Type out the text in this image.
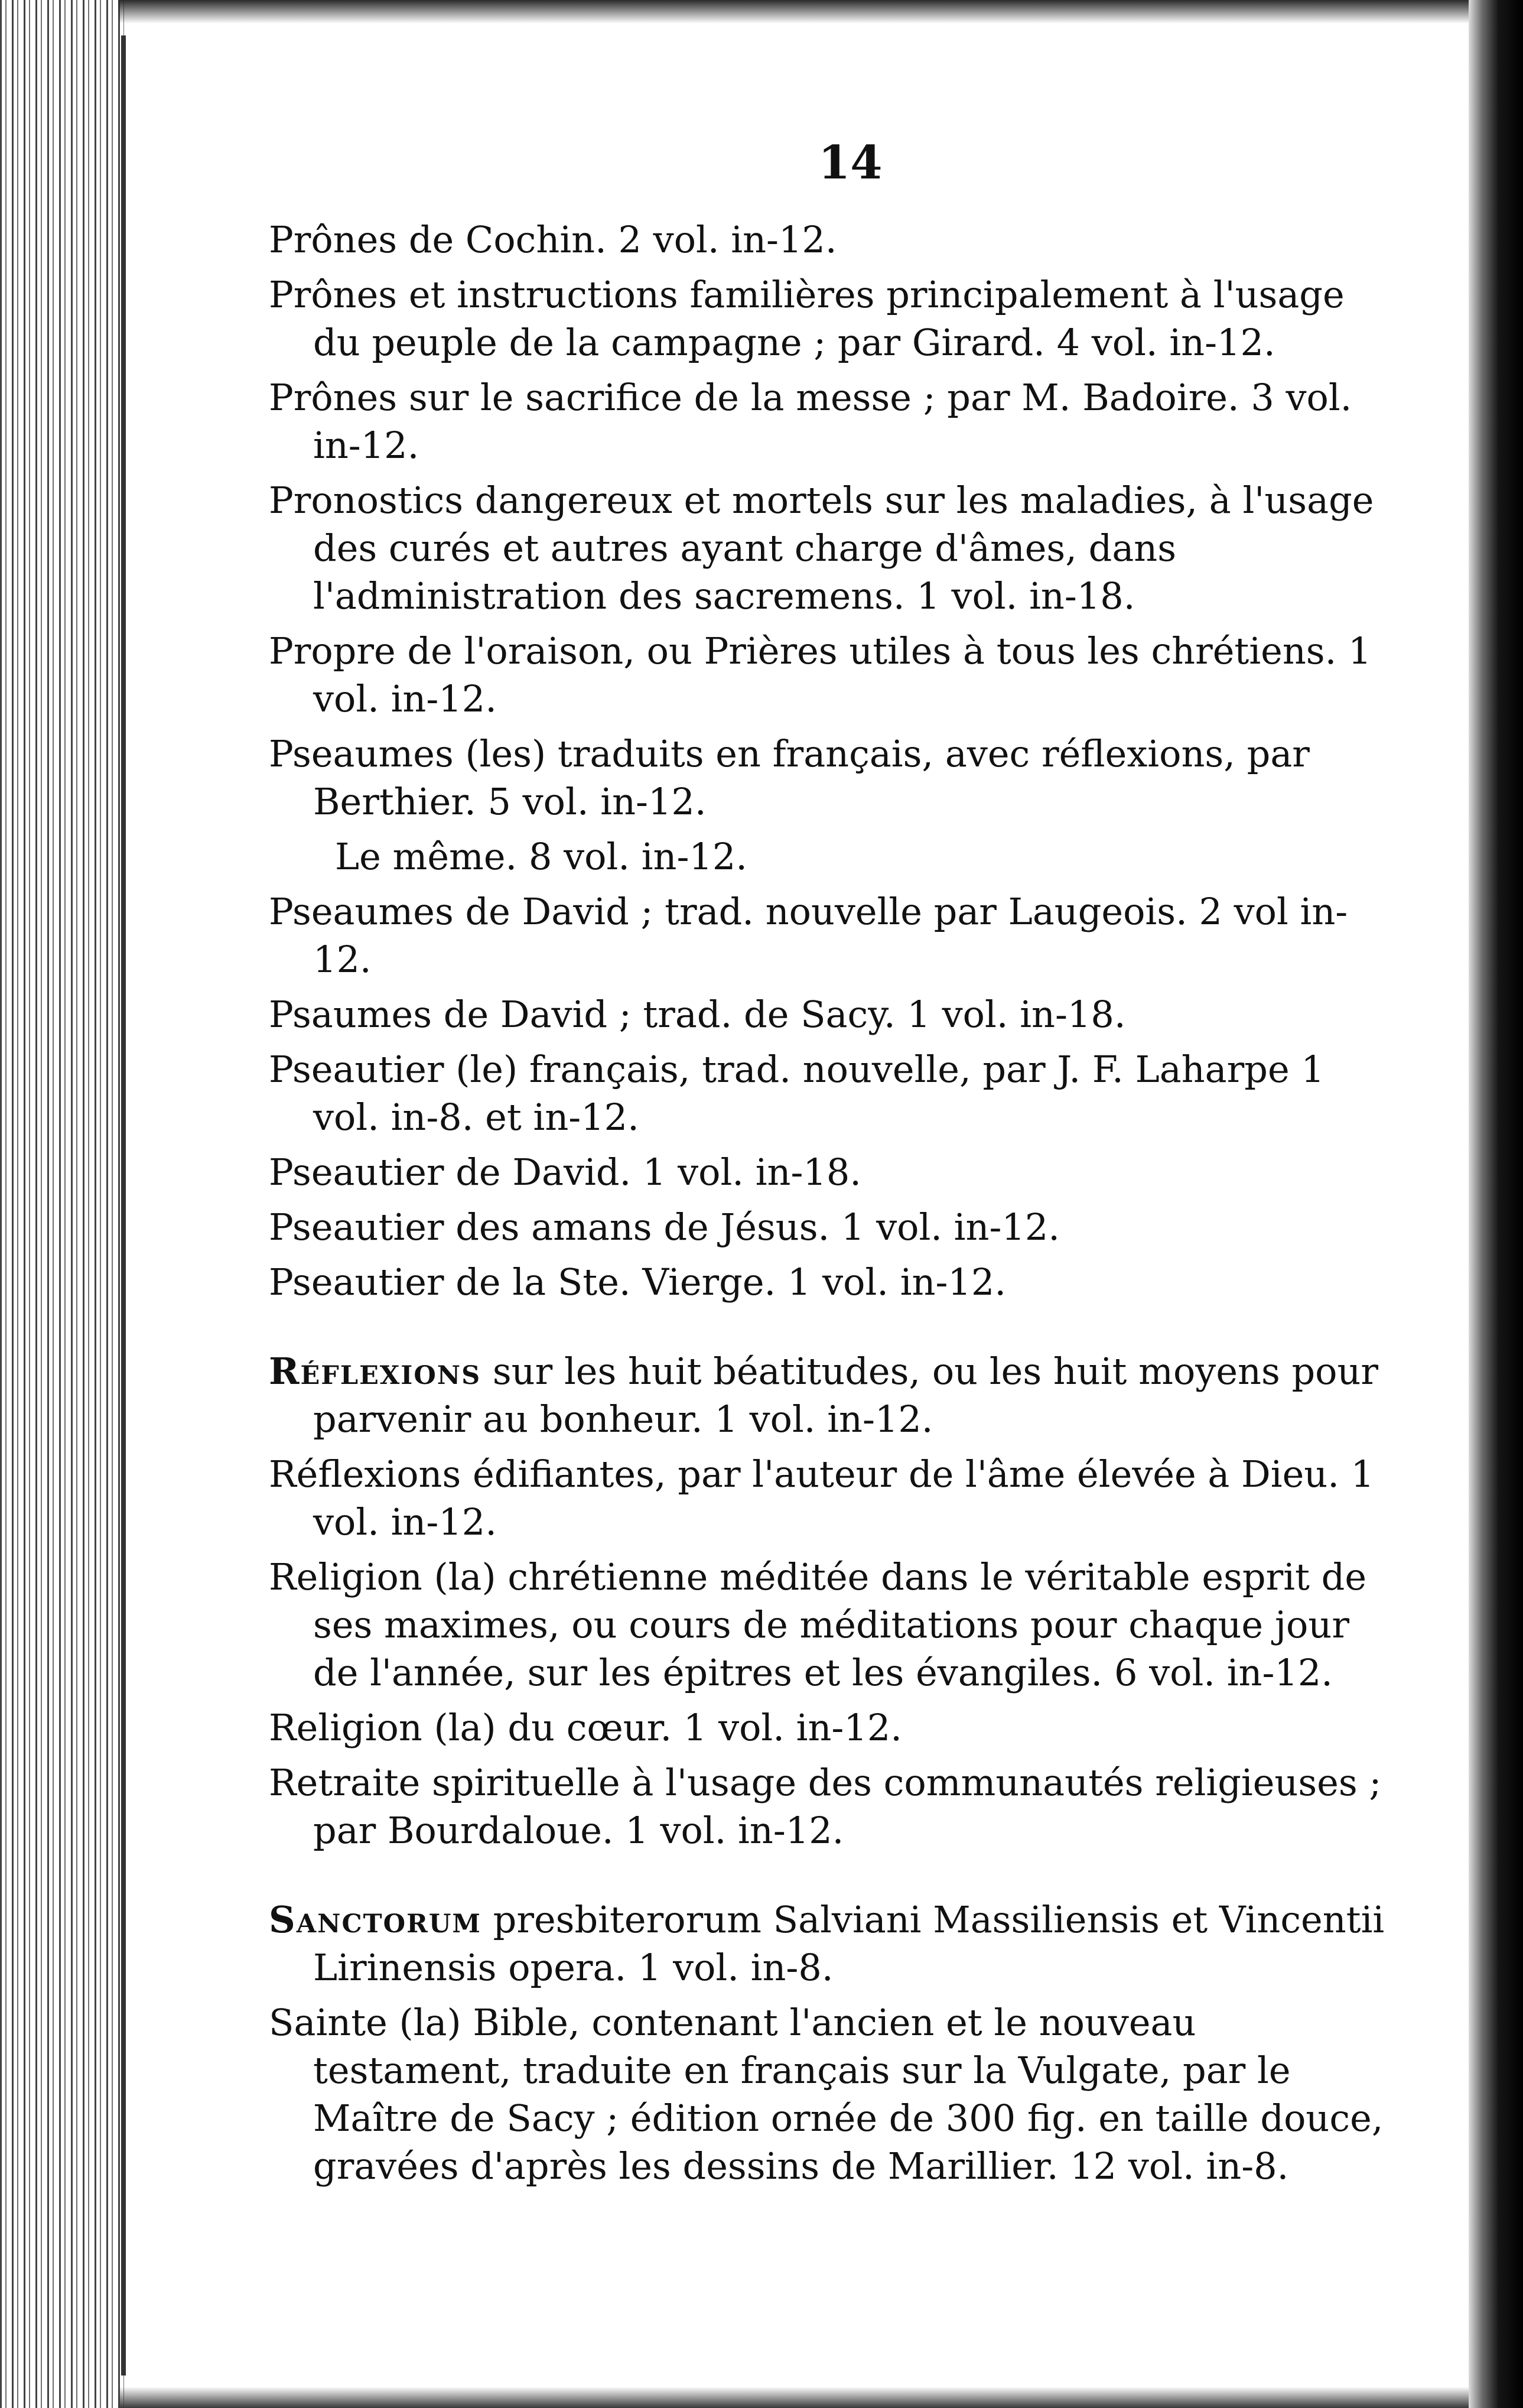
14
Prônes de Cochin. 2 vol. in-12.
Prônes et instructions familières principalement à l'usage du peuple de la campagne ; par Girard. 4 vol. in-12.
Prônes sur le sacrifice de la messe ; par M. Badoire. 3 vol. in-12.
Pronostics dangereux et mortels sur les maladies, à l'usage des curés et autres ayant charge d'âmes, dans l'administration des sacremens. 1 vol. in-18.
Propre de l'oraison, ou Prières utiles à tous les chrétiens. 1 vol. in-12.
Pseaumes (les) traduits en français, avec réflexions, par Berthier. 5 vol. in-12.
Le même. 8 vol. in-12.
Pseaumes de David ; trad. nouvelle par Laugeois. 2 vol in-12.
Psaumes de David ; trad. de Sacy. 1 vol. in-18.
Pseautier (le) français, trad. nouvelle, par J. F. Laharpe 1 vol. in-8. et in-12.
Pseautier de David. 1 vol. in-18.
Pseautier des amans de Jésus. 1 vol. in-12.
Pseautier de la Ste. Vierge. 1 vol. in-12.
Réflexions sur les huit béatitudes, ou les huit moyens pour parvenir au bonheur. 1 vol. in-12.
Réflexions édifiantes, par l'auteur de l'âme élevée à Dieu. 1 vol. in-12.
Religion (la) chrétienne méditée dans le véritable esprit de ses maximes, ou cours de méditations pour chaque jour de l'année, sur les épitres et les évangiles. 6 vol. in-12.
Religion (la) du cœur. 1 vol. in-12.
Retraite spirituelle à l'usage des communautés religieuses ; par Bourdaloue. 1 vol. in-12.
Sanctorum presbiterorum Salviani Massiliensis et Vincentii Lirinensis opera. 1 vol. in-8.
Sainte (la) Bible, contenant l'ancien et le nouveau testament, traduite en français sur la Vulgate, par le Maître de Sacy ; édition ornée de 300 fig. en taille douce, gravées d'après les dessins de Marillier. 12 vol. in-8.
